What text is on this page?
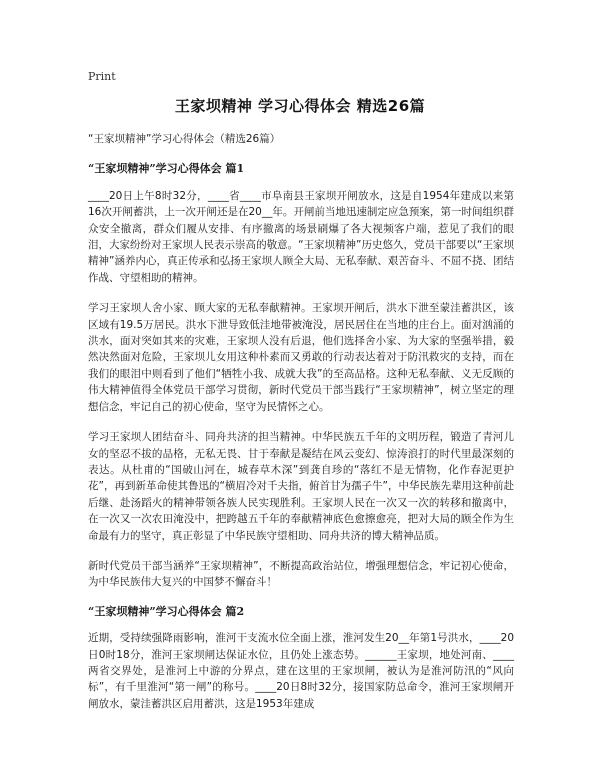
Print
王家坝精神 学习心得体会 精选26篇

“王家坝精神”学习心得体会（精选26篇）

“王家坝精神”学习心得体会 篇1

____20日上午8时32分，____省____市阜南县王家坝开闸放水，这是自1954年建成以来第16次开闸蓄洪，上一次开闸还是在20__年。开闸前当地迅速制定应急预案，第一时间组织群众安全撤离，群众们履从安排、有序撤离的场景刷爆了各大视频客户端，惹见了我们的眼泪，大家纷纷对王家坝人民表示崇高的敬意。“王家坝精神”历史悠久，党员干部要以“王家坝精神”涵养内心，真正传承和弘扬王家坝人顾全大局、无私奉献、艰苦奋斗、不屈不挠、团结作战、守望相助的精神。

学习王家坝人舍小家、顾大家的无私奉献精神。王家坝开闸后，洪水下泄至蒙洼蓄洪区，该区域有19.5万居民。洪水下泄导致低洼地带被淹没，居民居住在当地的庄台上。面对汹涌的洪水，面对突如其来的灾难，王家坝人没有后退，他们选择舍小家、为大家的坚强举措，毅然决然面对危险，王家坝儿女用这种朴素而又勇敢的行动表达着对于防汛救灾的支持，而在我们的眼泪中则看到了他们“牺牲小我、成就大我”的至高品格。这种无私奉献、义无反顾的伟大精神值得全体党员干部学习贯彻，新时代党员干部当践行“王家坝精神”，树立坚定的理想信念，牢记自己的初心使命，坚守为民情怀之心。

学习王家坝人团结奋斗、同舟共济的担当精神。中华民族五千年的文明历程，锻造了青河儿女的坚忍不拔的品格，无私无畏、甘于奉献是凝结在风云变幻、惊涛浪打的时代里最深刻的表达。从杜甫的“国破山河在，城春草木深”到龚自珍的“落红不是无情物，化作春泥更护花”，再到新革命使其鲁迅的“横眉冷对千夫指，俯首甘为孺子牛”，中华民族先辈用这种前赴后继、赴汤蹈火的精神带领各族人民实现胜利。王家坝人民在一次又一次的转移和撤离中，在一次又一次农田淹没中，把跨越五千年的奉献精神底色愈擦愈亮，把对大局的顾全作为生命最有力的坚守，真正彰显了中华民族守望相助、同舟共济的博大精神品质。

新时代党员干部当涵养“王家坝精神”，不断提高政治站位，增强理想信念，牢记初心使命，为中华民族伟大复兴的中国梦不懈奋斗！

“王家坝精神”学习心得体会 篇2

近期，受持续强降雨影响，淮河干支流水位全面上涨，淮河发生20__年第1号洪水，____20日0时18分，淮河王家坝闸达保证水位，且仍处上涨态势。______王家坝，地处河南、____两省交界处，是淮河上中游的分界点，建在这里的王家坝闸，被认为是淮河防汛的“风向标”，有千里淮河“第一闸”的称号。____20日8时32分，接国家防总命令，淮河王家坝闸开闸放水，蒙洼蓄洪区启用蓄洪，这是1953年建成
